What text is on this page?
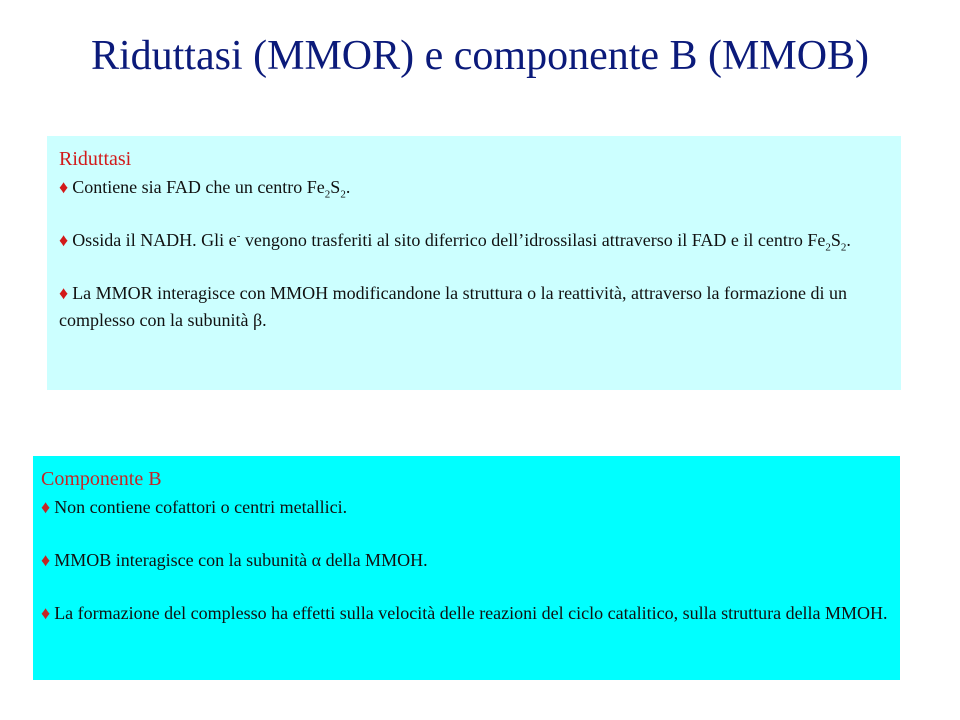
Riduttasi (MMOR) e componente B (MMOB)
Riduttasi

♦ Contiene sia FAD che un centro $Fe_2S_2$.

♦ Ossida il NADH. Gli e- vengono trasferiti al sito diferrico dell’idrossilasi attraverso il FAD e il centro $Fe_2S_2$.

♦ La MMOR interagisce con MMOH modificandone la struttura o la reattività, attraverso la formazione di un complesso con la subunità β.

Componente B

♦ Non contiene cofattori o centri metallici.

♦ MMOB interagisce con la subunità α della MMOH.

♦ La formazione del complesso ha effetti sulla velocità delle reazioni del ciclo catalitico, sulla struttura della MMOH.
